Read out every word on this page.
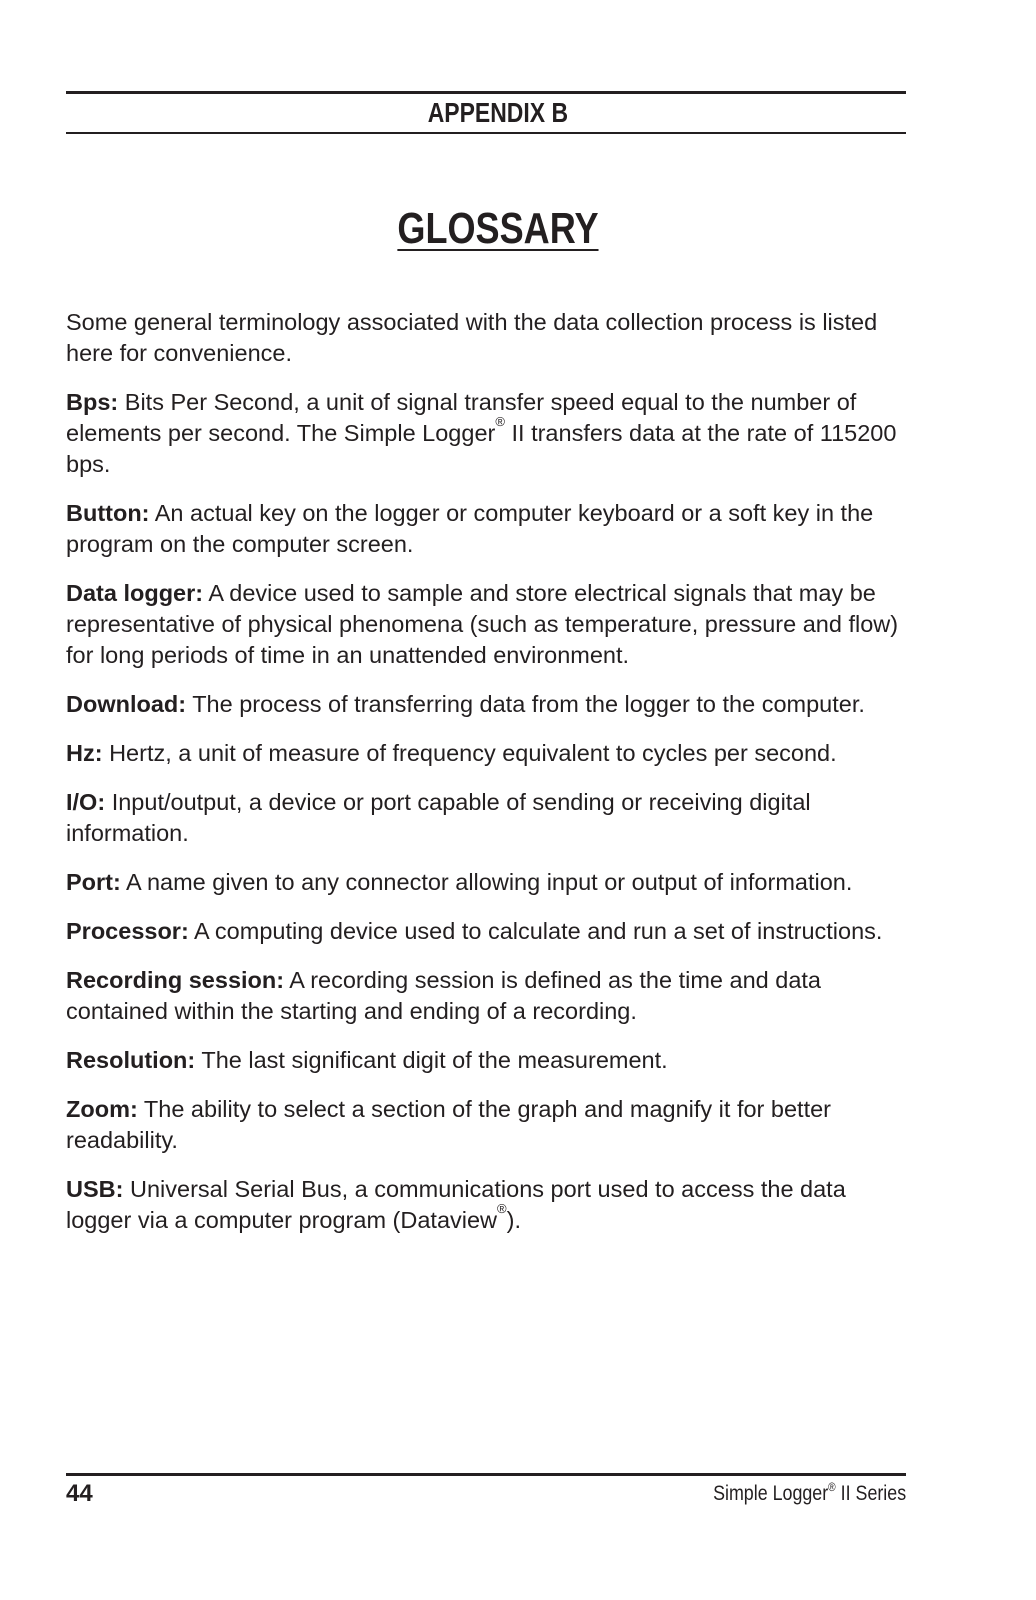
APPENDIX B
GLOSSARY

Some general terminology associated with the data collection process is listed here for convenience.

Bps: Bits Per Second, a unit of signal transfer speed equal to the number of elements per second. The Simple Logger® II transfers data at the rate of 115200 bps.

Button: An actual key on the logger or computer keyboard or a soft key in the program on the computer screen.

Data logger: A device used to sample and store electrical signals that may be representative of physical phenomena (such as temperature, pressure and flow) for long periods of time in an unattended environment.

Download: The process of transferring data from the logger to the computer.

Hz: Hertz, a unit of measure of frequency equivalent to cycles per second.

I/O: Input/output, a device or port capable of sending or receiving digital information.

Port: A name given to any connector allowing input or output of information.

Processor: A computing device used to calculate and run a set of instructions.

Recording session: A recording session is defined as the time and data contained within the starting and ending of a recording.

Resolution: The last significant digit of the measurement.

Zoom: The ability to select a section of the graph and magnify it for better readability.

USB: Universal Serial Bus, a communications port used to access the data logger via a computer program (Dataview®).

44	Simple Logger® II Series
